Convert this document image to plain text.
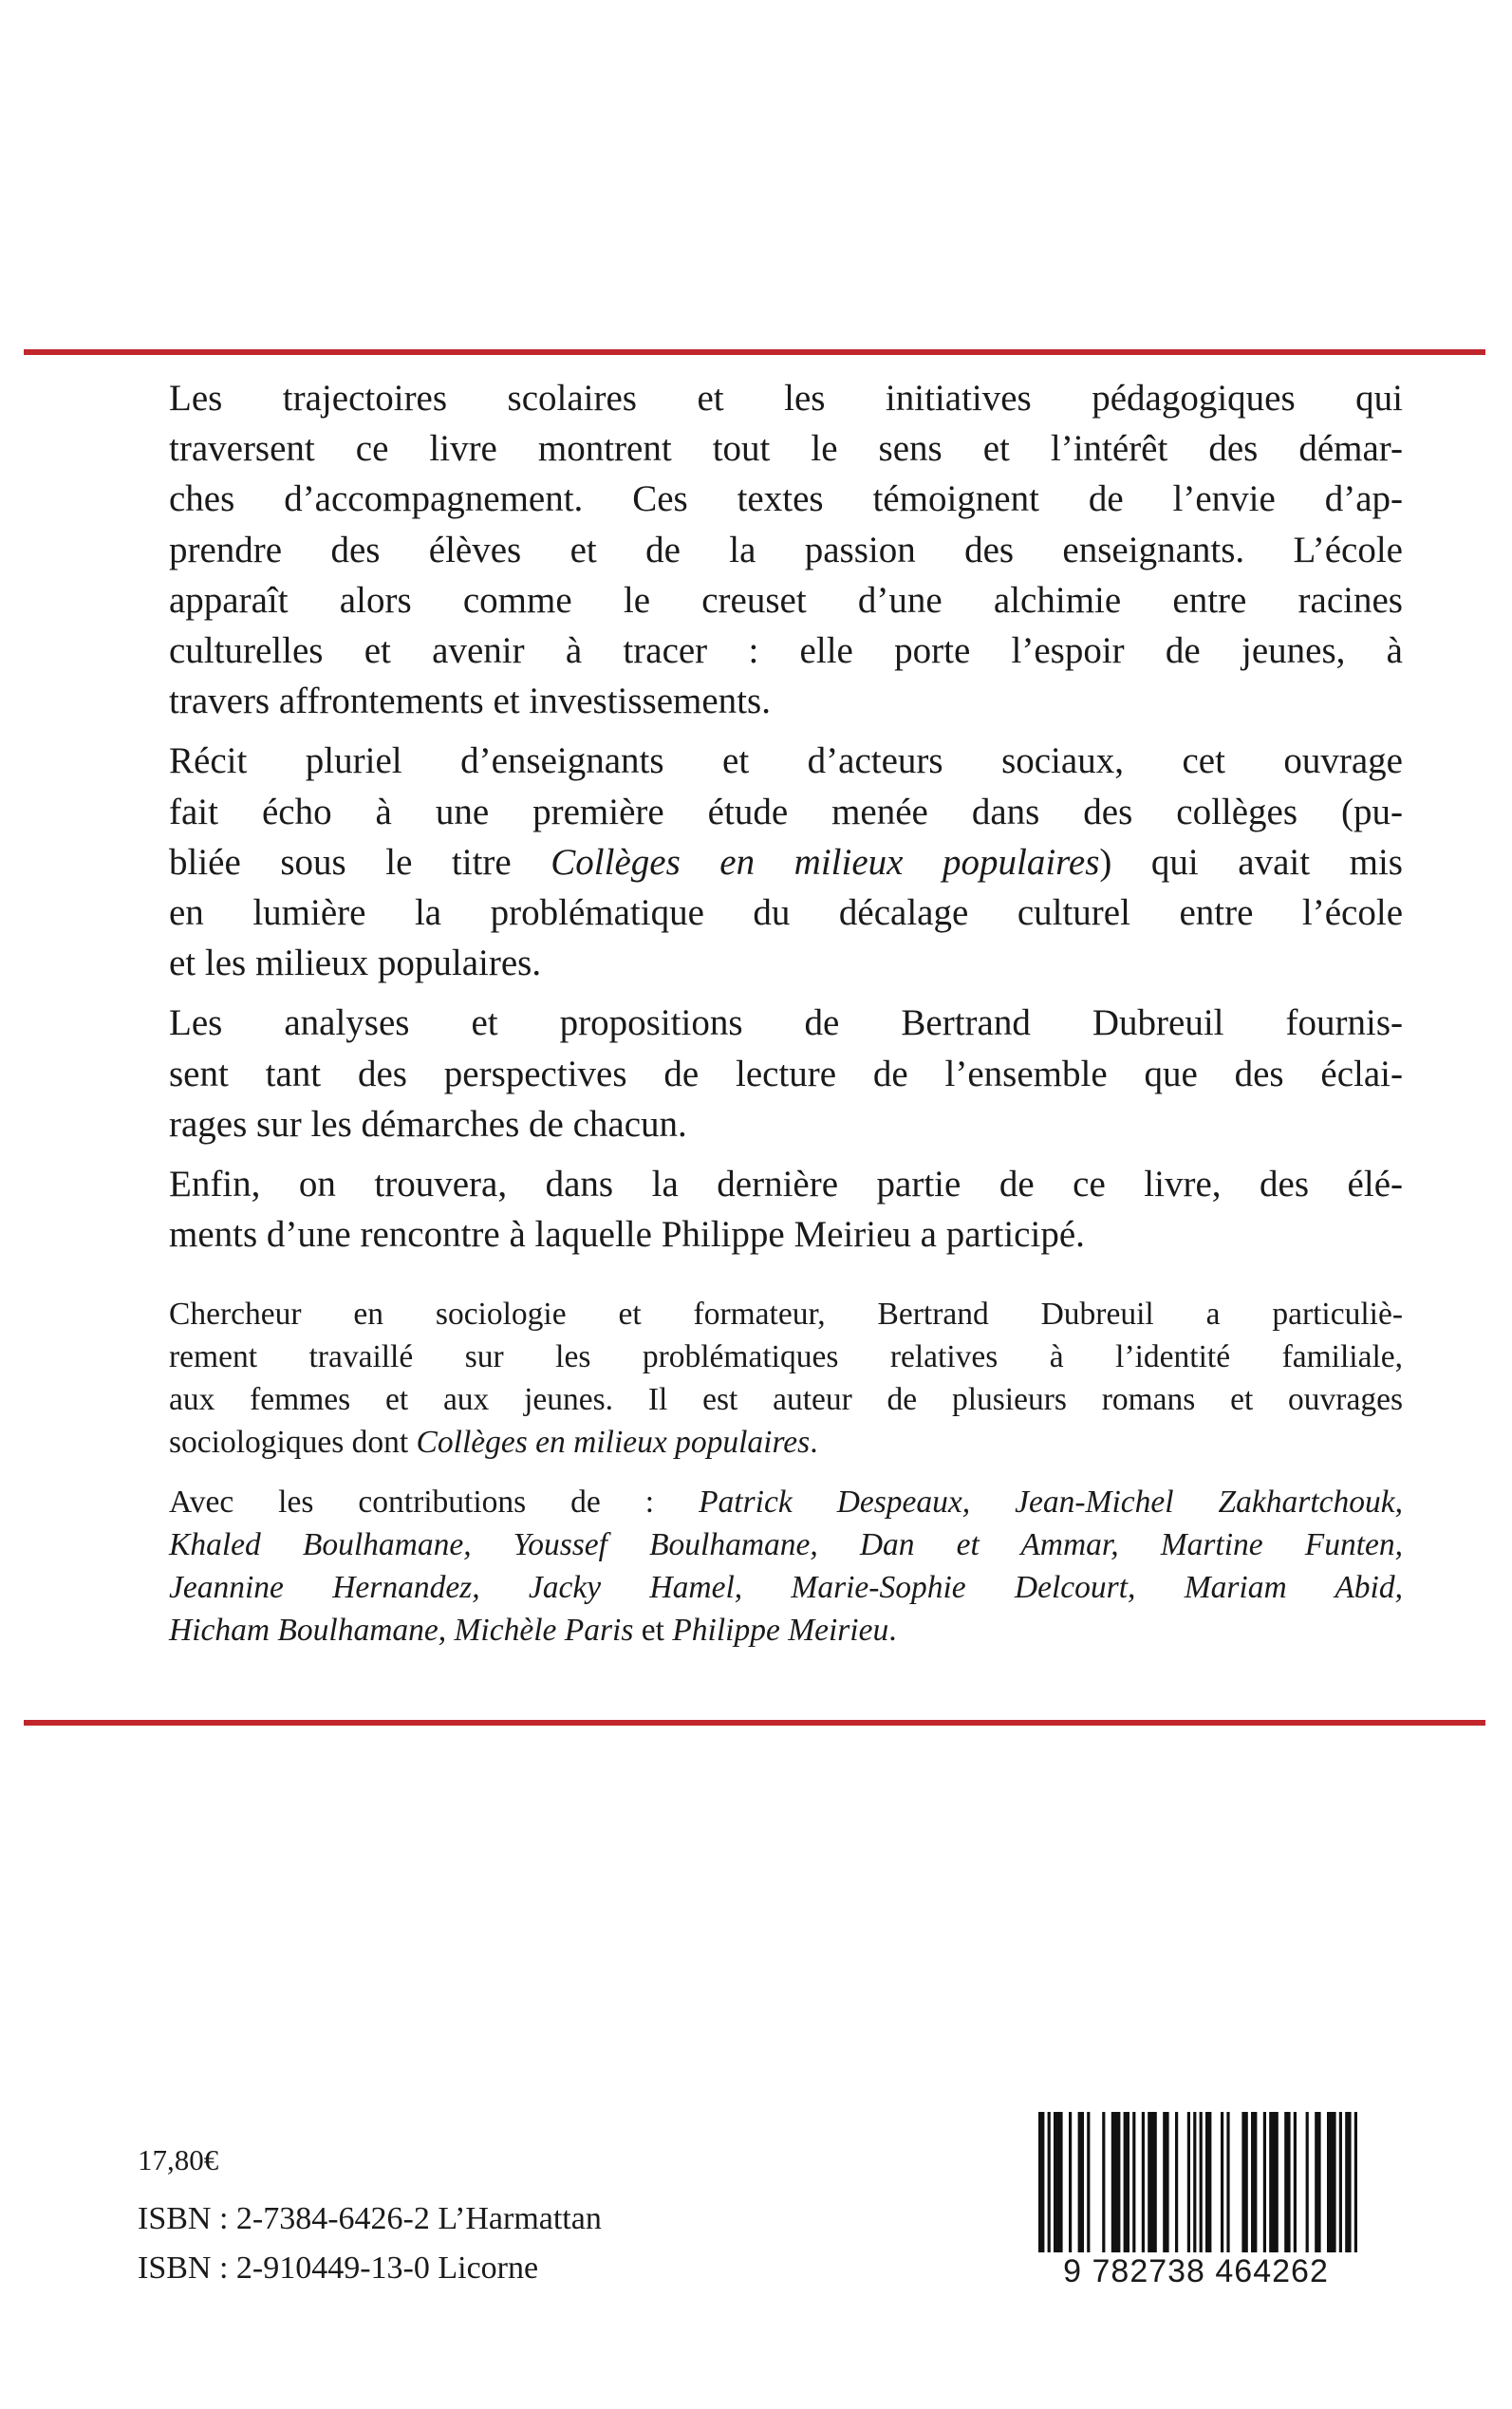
Les trajectoires scolaires et les initiatives pédagogiques qui
traversent ce livre montrent tout le sens et l’intérêt des démar-
ches d’accompagnement. Ces textes témoignent de l’envie d’ap-
prendre des élèves et de la passion des enseignants. L’école
apparaît alors comme le creuset d’une alchimie entre racines
culturelles et avenir à tracer : elle porte l’espoir de jeunes, à
travers affrontements et investissements.

Récit pluriel d’enseignants et d’acteurs sociaux, cet ouvrage
fait écho à une première étude menée dans des collèges (pu-
bliée sous le titre Collèges en milieux populaires) qui avait mis
en lumière la problématique du décalage culturel entre l’école
et les milieux populaires.

Les analyses et propositions de Bertrand Dubreuil fournis-
sent tant des perspectives de lecture de l’ensemble que des éclai-
rages sur les démarches de chacun.

Enfin, on trouvera, dans la dernière partie de ce livre, des élé-
ments d’une rencontre à laquelle Philippe Meirieu a participé.

Chercheur en sociologie et formateur, Bertrand Dubreuil a particuliè-
rement travaillé sur les problématiques relatives à l’identité familiale,
aux femmes et aux jeunes. Il est auteur de plusieurs romans et ouvrages
sociologiques dont Collèges en milieux populaires.

Avec les contributions de : Patrick Despeaux, Jean-Michel Zakhartchouk,
Khaled Boulhamane, Youssef Boulhamane, Dan et Ammar, Martine Funten,
Jeannine Hernandez, Jacky Hamel, Marie-Sophie Delcourt, Mariam Abid,
Hicham Boulhamane, Michèle Paris et Philippe Meirieu.

17,80€
ISBN : 2-7384-6426-2 L’Harmattan
ISBN : 2-910449-13-0 Licorne	9 782738 464262
